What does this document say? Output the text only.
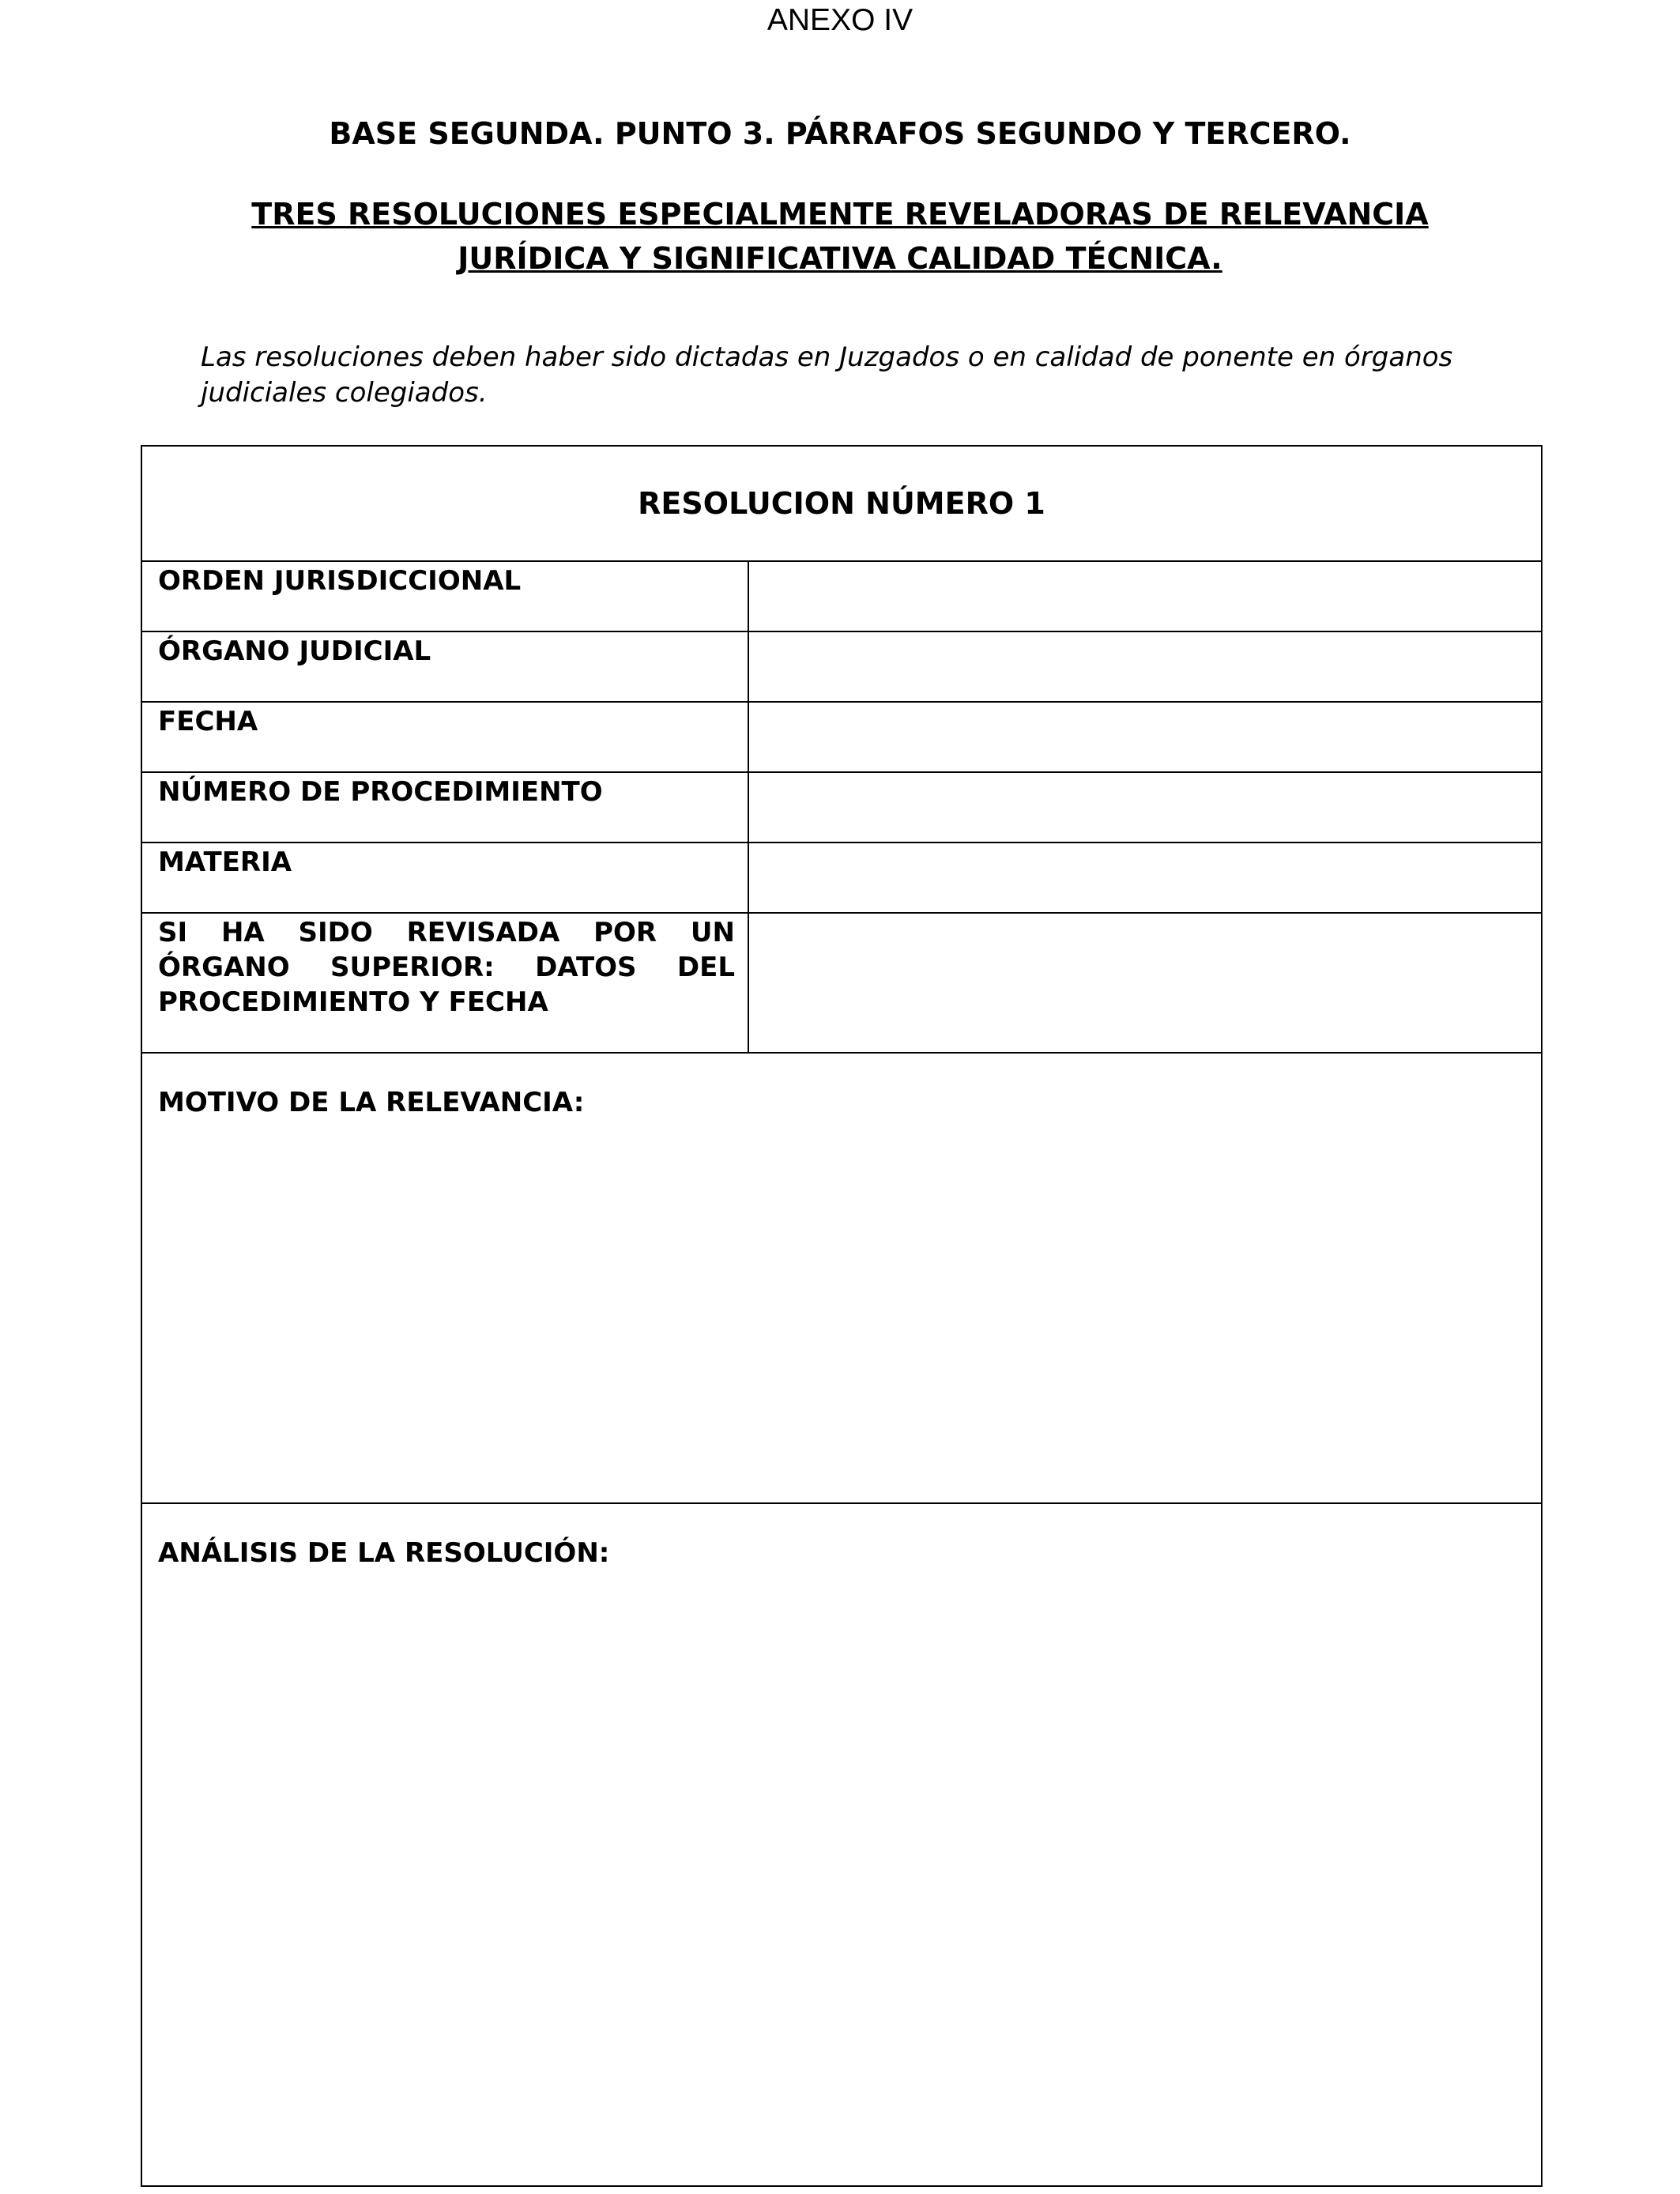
ANEXO IV
BASE SEGUNDA. PUNTO 3. PÁRRAFOS SEGUNDO Y TERCERO.
TRES RESOLUCIONES ESPECIALMENTE REVELADORAS DE RELEVANCIA
JURÍDICA Y SIGNIFICATIVA CALIDAD TÉCNICA.
Las resoluciones deben haber sido dictadas en Juzgados o en calidad de ponente en órganos
judiciales colegiados.
RESOLUCION NÚMERO 1
ORDEN JURISDICCIONAL
ÓRGANO JUDICIAL
FECHA
NÚMERO DE PROCEDIMIENTO
MATERIA
SI HA SIDO REVISADA POR UN ÓRGANO SUPERIOR: DATOS DEL PROCEDIMIENTO Y FECHA
MOTIVO DE LA RELEVANCIA:
ANÁLISIS DE LA RESOLUCIÓN:
